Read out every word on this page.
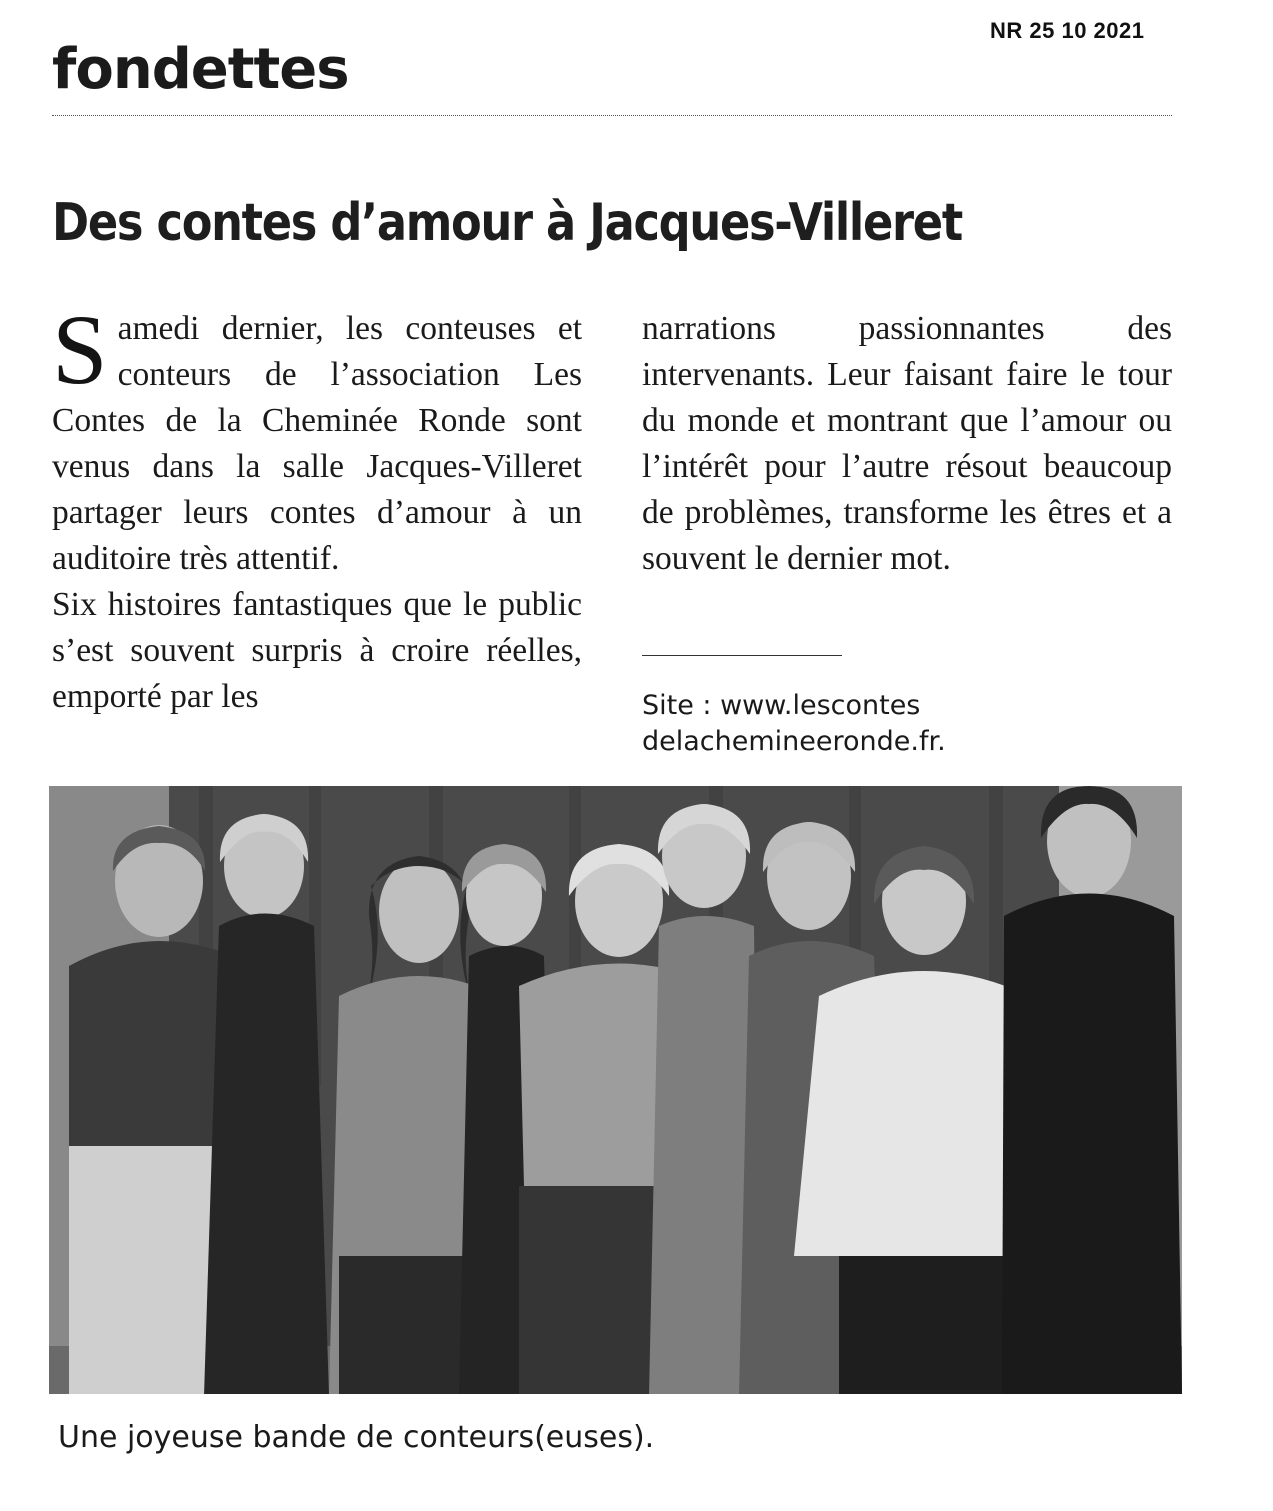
NR 25 10 2021
fondettes
Des contes d’amour à Jacques-Villeret

Samedi dernier, les conteuses et conteurs de l’association Les Contes de la Cheminée Ronde sont venus dans la salle Jacques-Villeret partager leurs contes d’amour à un auditoire très attentif.

Six histoires fantastiques que le public s’est souvent surpris à croire réelles, emporté par les

narrations passionnantes des intervenants. Leur faisant faire le tour du monde et montrant que l’amour ou l’intérêt pour l’autre résout beaucoup de problèmes, transforme les êtres et a souvent le dernier mot.

Site : www.lescontes
delachemineeronde.fr.
Une joyeuse bande de conteurs(euses).
